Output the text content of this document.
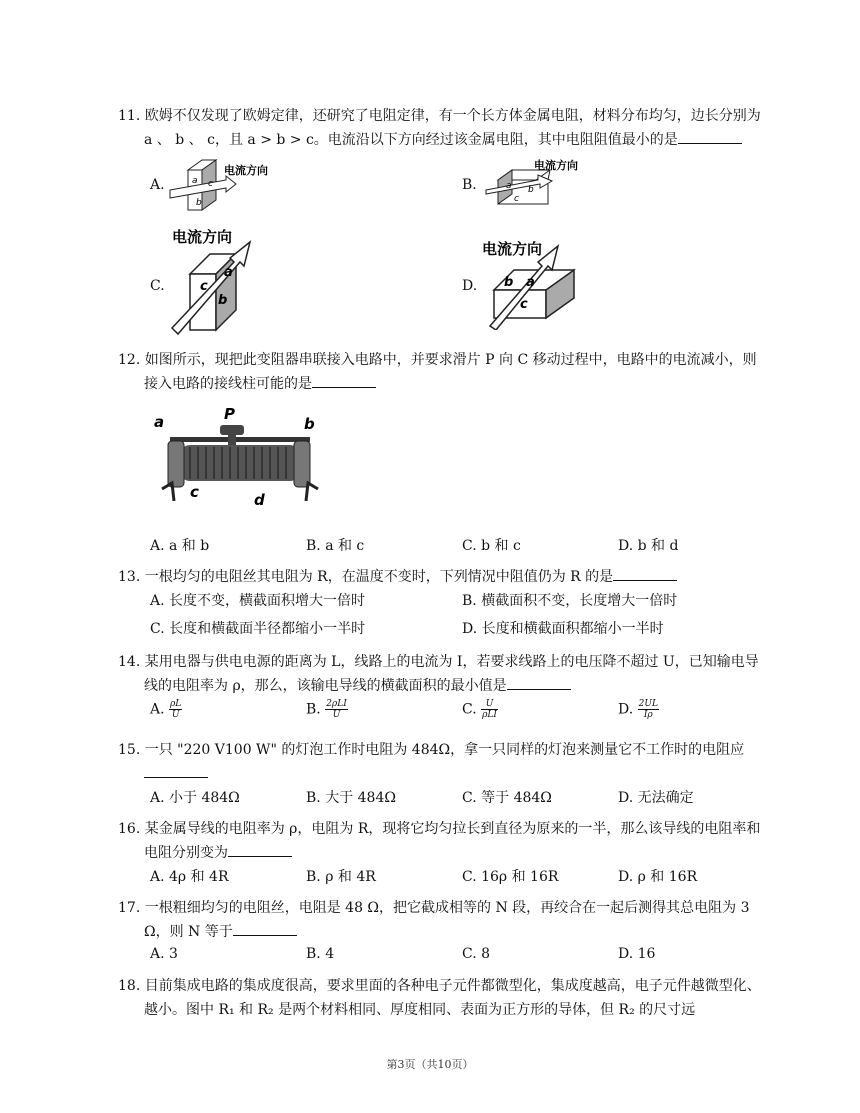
11. 欧姆不仅发现了欧姆定律，还研究了电阻定律，有一个长方体金属电阻，材料分布均匀，边长分别为 a 、 b 、 c，且 a > b > c。电流沿以下方向经过该金属电阻，其中电阻阻值最小的是

A.	a c
b
电流方向
B.	a b
c
电流方向
C.
电流方向
c
a
b
D.
电流方向
b a
c

12. 如图所示，现把此变阻器串联接入电路中，并要求滑片 P 向 C 移动过程中，电路中的电流减小，则接入电路的接线柱可能的是

a	P
b
c	d
A. a 和 b	B. a 和 c	C. b 和 c	D. b 和 d

13. 一根均匀的电阻丝其电阻为 R，在温度不变时，下列情况中阻值仍为 R 的是

A. 长度不变，横截面积增大一倍时	B. 横截面积不变，长度增大一倍时
C. 长度和横截面半径都缩小一半时	D. 长度和横截面积都缩小一半时

14. 某用电器与供电电源的距离为 L，线路上的电流为 I，若要求线路上的电压降不超过 U，已知输电导线的电阻率为 ρ，那么，该输电导线的横截面积的最小值是

A. $\frac{\rho L}{U}$	B. $\frac{\text{2ρLI}}{U}$	C. $\frac{U}{\text{ρLI}}$	D. $\frac{2UL}{I\rho}$

15. 一只 "220 V100 W" 的灯泡工作时电阻为 484Ω，拿一只同样的灯泡来测量它不工作时的电阻应

A. 小于 484Ω	B. 大于 484Ω	C. 等于 484Ω	D. 无法确定

16. 某金属导线的电阻率为 ρ，电阻为 R，现将它均匀拉长到直径为原来的一半，那么该导线的电阻率和电阻分别变为

A. 4ρ 和 4R	B. ρ 和 4R	C. 16ρ 和 16R	D. ρ 和 16R

17. 一根粗细均匀的电阻丝，电阻是 48 Ω，把它截成相等的 N 段，再绞合在一起后测得其总电阻为 3 Ω，则 N 等于

A. 3	B. 4	C. 8	D. 16

18. 目前集成电路的集成度很高，要求里面的各种电子元件都微型化，集成度越高，电子元件越微型化、越小。图中 R₁ 和 R₂ 是两个材料相同、厚度相同、表面为正方形的导体，但 R₂ 的尺寸远

第3页（共10页）
